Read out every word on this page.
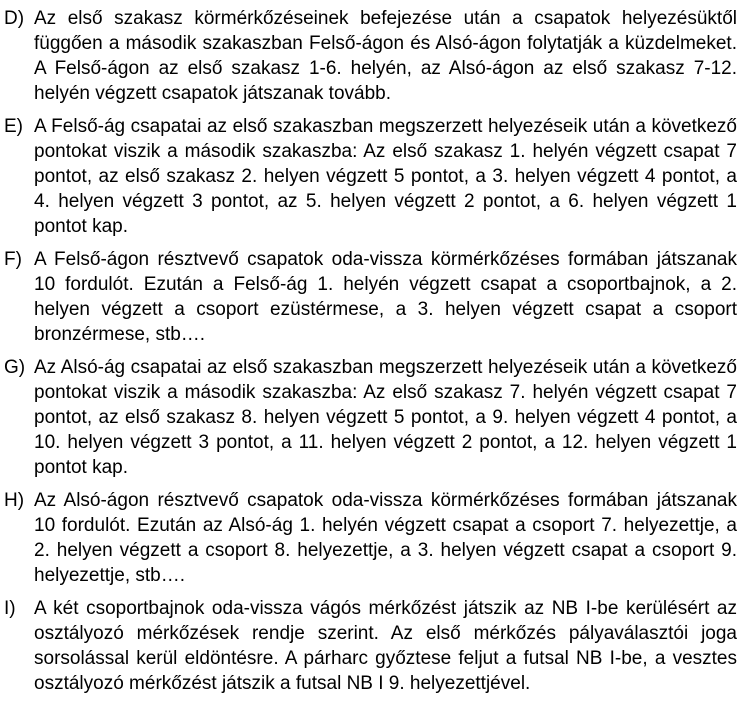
D) Az első szakasz körmérkőzéseinek befejezése után a csapatok helyezésüktől függően a második szakaszban Felső-ágon és Alsó-ágon folytatják a küzdelmeket. A Felső-ágon az első szakasz 1-6. helyén, az Alsó-ágon az első szakasz 7-12. helyén végzett csapatok játszanak tovább.
E) A Felső-ág csapatai az első szakaszban megszerzett helyezéseik után a következő pontokat viszik a második szakaszba: Az első szakasz 1. helyén végzett csapat 7 pontot, az első szakasz 2. helyen végzett 5 pontot, a 3. helyen végzett 4 pontot, a 4. helyen végzett 3 pontot, az 5. helyen végzett 2 pontot, a 6. helyen végzett 1 pontot kap.
F) A Felső-ágon résztvevő csapatok oda-vissza körmérkőzéses formában játszanak 10 fordulót. Ezután a Felső-ág 1. helyén végzett csapat a csoportbajnok, a 2. helyen végzett a csoport ezüstérmese, a 3. helyen végzett csapat a csoport bronzérmese, stb….
G) Az Alsó-ág csapatai az első szakaszban megszerzett helyezéseik után a következő pontokat viszik a második szakaszba: Az első szakasz 7. helyén végzett csapat 7 pontot, az első szakasz 8. helyen végzett 5 pontot, a 9. helyen végzett 4 pontot, a 10. helyen végzett 3 pontot, a 11. helyen végzett 2 pontot, a 12. helyen végzett 1 pontot kap.
H) Az Alsó-ágon résztvevő csapatok oda-vissza körmérkőzéses formában játszanak 10 fordulót. Ezután az Alsó-ág 1. helyén végzett csapat a csoport 7. helyezettje, a 2. helyen végzett a csoport 8. helyezettje, a 3. helyen végzett csapat a csoport 9. helyezettje, stb….
I) A két csoportbajnok oda-vissza vágós mérkőzést játszik az NB I-be kerülésért az osztályozó mérkőzések rendje szerint. Az első mérkőzés pályaválasztói joga sorsolással kerül eldöntésre. A párharc győztese feljut a futsal NB I-be, a vesztes osztályozó mérkőzést játszik a futsal NB I 9. helyezettjével.
